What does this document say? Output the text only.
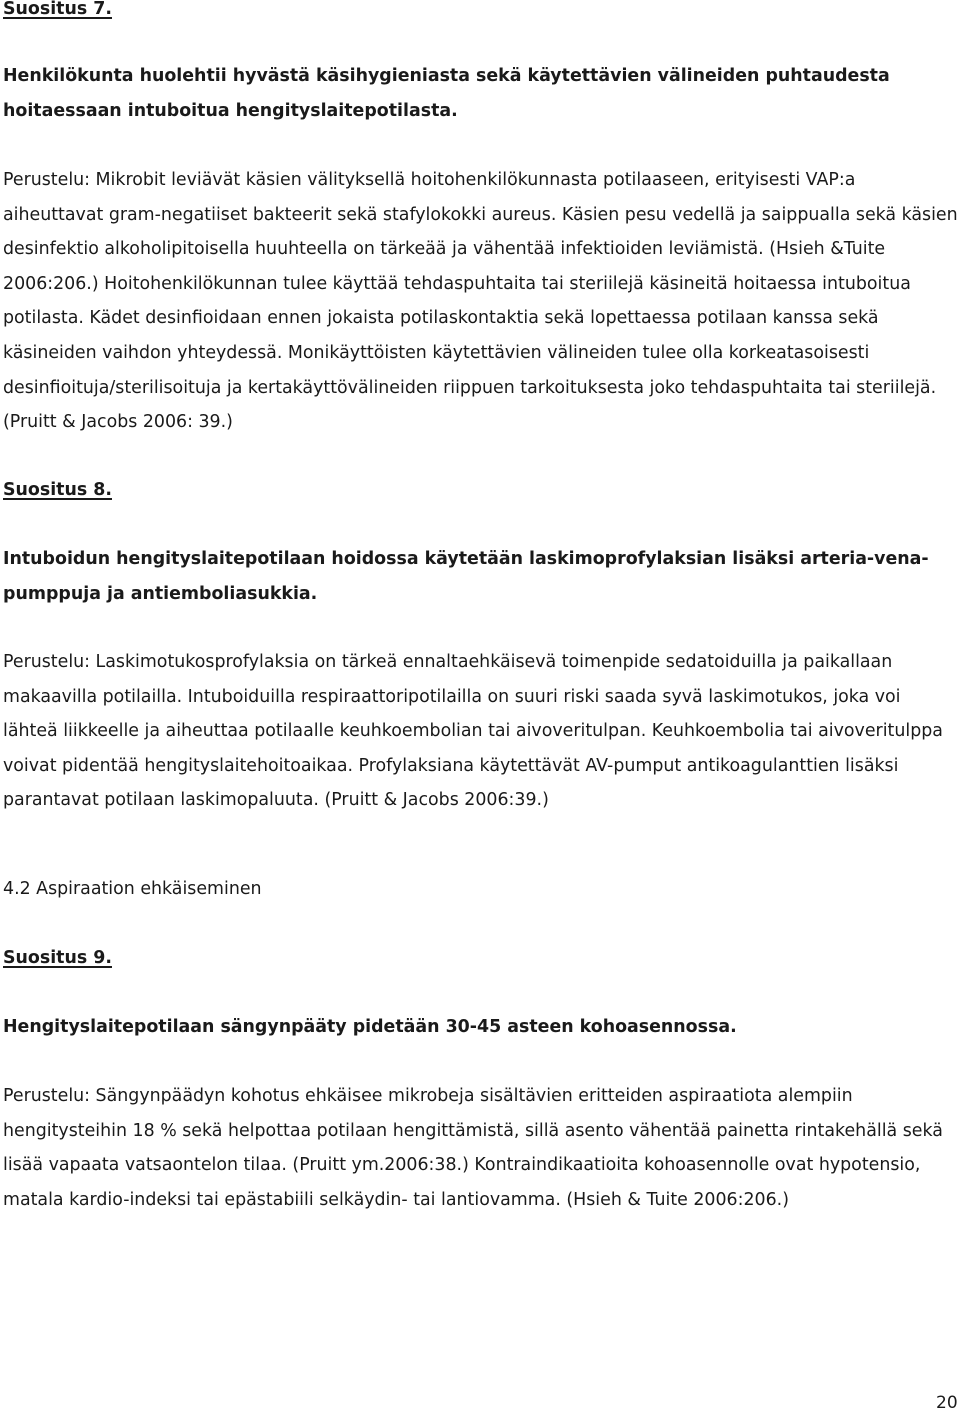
Suositus 7.

Henkilökunta huolehtii hyvästä käsihygieniasta sekä käytettävien välineiden puhtaudesta hoitaessaan intuboitua hengityslaitepotilasta.

Perustelu: Mikrobit leviävät käsien välityksellä hoitohenkilökunnasta potilaaseen, erityisesti VAP:a aiheuttavat gram-negatiiset bakteerit sekä stafylokokki aureus. Käsien pesu vedellä ja saippualla sekä käsien desinfektio alkoholipitoisella huuhteella on tärkeää ja vähentää infektioiden leviämistä. (Hsieh &Tuite 2006:206.) Hoitohenkilökunnan tulee käyttää tehdaspuhtaita tai steriilejä käsineitä hoitaessa intuboitua potilasta. Kädet desinfioidaan ennen jokaista potilaskontaktia sekä lopettaessa potilaan kanssa sekä käsineiden vaihdon yhteydessä. Monikäyttöisten käytettävien välineiden tulee olla korkeatasoisesti desinfioituja/sterilisoituja ja kertakäyttövälineiden riippuen tarkoituksesta joko tehdaspuhtaita tai steriilejä. (Pruitt & Jacobs 2006: 39.)

Suositus 8.

Intuboidun hengityslaitepotilaan hoidossa käytetään laskimoprofylaksian lisäksi arteria-vena-pumppuja ja antiemboliasukkia.

Perustelu: Laskimotukosprofylaksia on tärkeä ennaltaehkäisevä toimenpide sedatoiduilla ja paikallaan makaavilla potilailla. Intuboiduilla respiraattoripotilailla on suuri riski saada syvä laskimotukos, joka voi lähteä liikkeelle ja aiheuttaa potilaalle keuhkoembolian tai aivoveritulpan. Keuhkoembolia tai aivoveritulppa voivat pidentää hengityslaitehoitoaikaa. Profylaksiana käytettävät AV-pumput antikoagulanttien lisäksi parantavat potilaan laskimopaluuta. (Pruitt & Jacobs 2006:39.)

4.2 Aspiraation ehkäiseminen

Suositus 9.

Hengityslaitepotilaan sängynpääty pidetään 30-45 asteen kohoasennossa.

Perustelu: Sängynpäädyn kohotus ehkäisee mikrobeja sisältävien eritteiden aspiraatiota alempiin hengitysteihin 18 % sekä helpottaa potilaan hengittämistä, sillä asento vähentää painetta rintakehällä sekä lisää vapaata vatsaontelon tilaa. (Pruitt ym.2006:38.) Kontraindikaatioita kohoasennolle ovat hypotensio, matala kardio-indeksi tai epästabiili selkäydin- tai lantiovamma. (Hsieh & Tuite 2006:206.)

20
